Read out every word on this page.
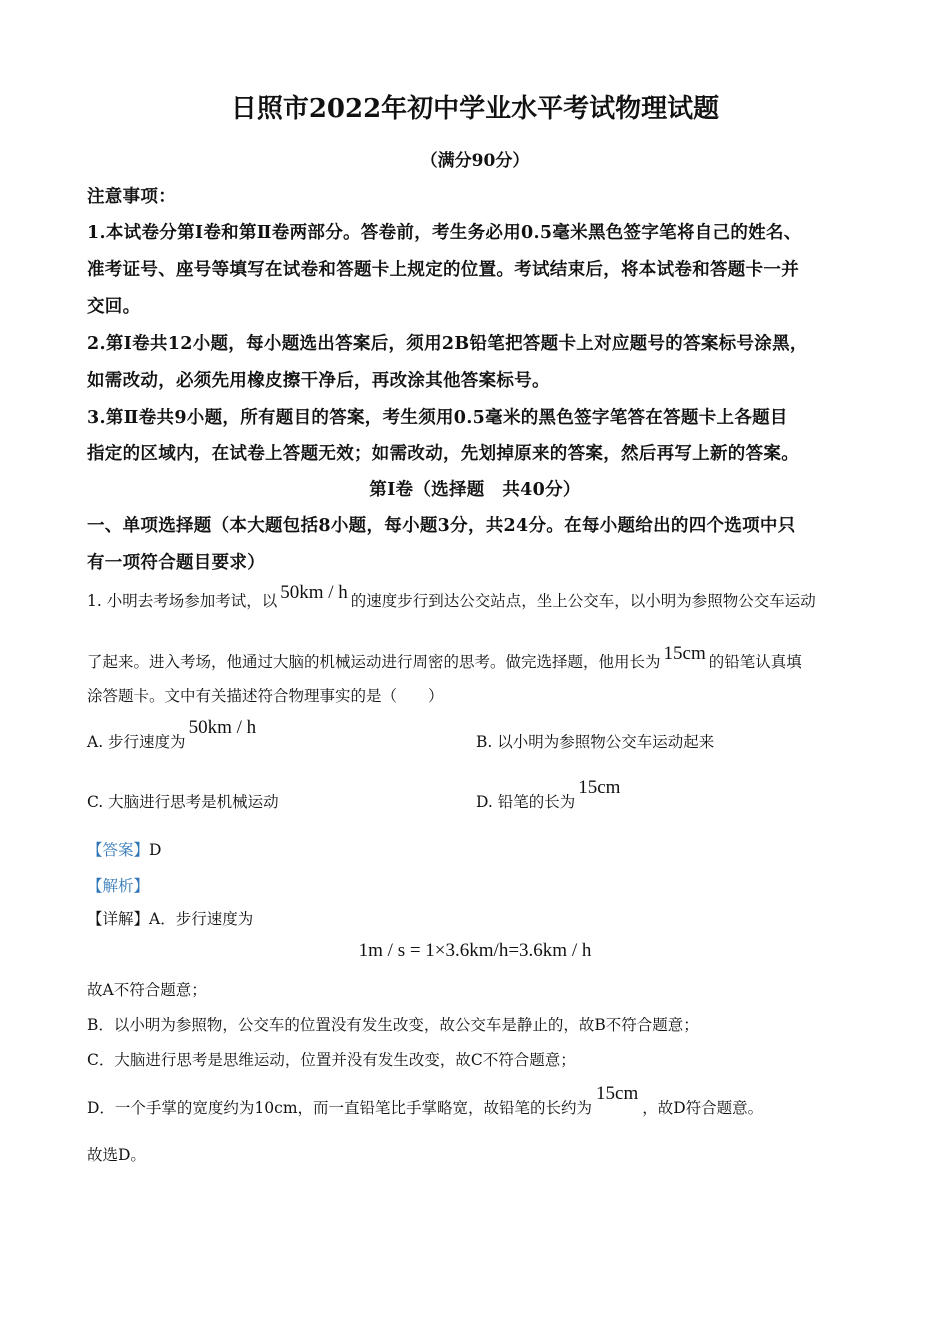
日照市2022年初中学业水平考试物理试题
（满分90分）
注意事项：
1.本试卷分第Ⅰ卷和第Ⅱ卷两部分。答卷前，考生务必用0.5毫米黑色签字笔将自己的姓名、
准考证号、座号等填写在试卷和答题卡上规定的位置。考试结束后，将本试卷和答题卡一并
交回。
2.第Ⅰ卷共12小题，每小题选出答案后，须用2B铅笔把答题卡上对应题号的答案标号涂黑，
如需改动，必须先用橡皮擦干净后，再改涂其他答案标号。
3.第Ⅱ卷共9小题，所有题目的答案，考生须用0.5毫米的黑色签字笔答在答题卡上各题目
指定的区域内，在试卷上答题无效；如需改动，先划掉原来的答案，然后再写上新的答案。
第Ⅰ卷（选择题　共40分）
一、单项选择题（本大题包括8小题，每小题3分，共24分。在每小题给出的四个选项中只
有一项符合题目要求）
1. 小明去考场参加考试，以 50km / h 的速度步行到达公交站点，坐上公交车，以小明为参照物公交车运动
了起来。进入考场，他通过大脑的机械运动进行周密的思考。做完选择题，他用长为 15cm 的铅笔认真填
涂答题卡。文中有关描述符合物理事实的是（　　）
A. 步行速度为50km / h
B. 以小明为参照物公交车运动起来
C. 大脑进行思考是机械运动	D. 铅笔的长为15cm
【答案】D
【解析】
【详解】A．步行速度为
1m / s = 1×3.6km/h=3.6km / h
故A不符合题意；
B．以小明为参照物，公交车的位置没有发生改变，故公交车是静止的，故B不符合题意；
C．大脑进行思考是思维运动，位置并没有发生改变，故C不符合题意；
D．一个手掌的宽度约为10cm，而一直铅笔比手掌略宽，故铅笔的长约为15cm，故D符合题意。
故选D。
